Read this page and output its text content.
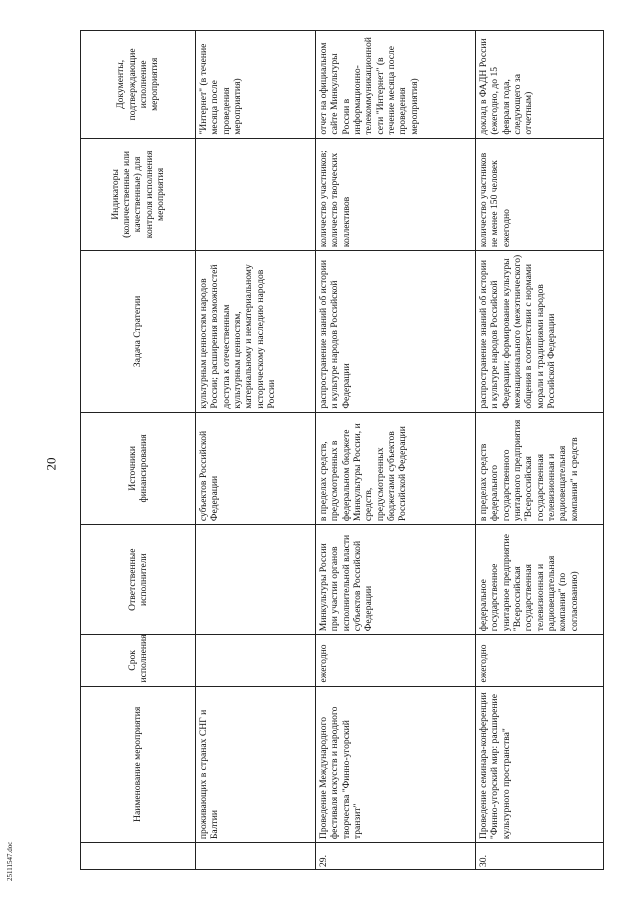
20
	Наименование мероприятия	Срок исполнения	Ответственные исполнители	Источники финансирования	Задача Стратегии	Индикаторы (количественные или качественные) для контроля исполнения мероприятия	Документы, подтверждающие исполнение мероприятия
	проживающих в странах СНГ и Балтии			субъектов Российской Федерации	культурным ценностям народов России; расширения возможностей доступа к отечественным культурным ценностям, материальному и нематериальному историческому наследию народов России		"Интернет" (в течение месяца после проведения мероприятия)
29.	Проведение Международного фестиваля искусств и народного творчества "Финно-угорский транзит"	ежегодно	Минкультуры России при участии органов исполнительной власти субъектов Российской Федерации	в пределах средств, предусмотренных в федеральном бюджете Минкультуры России, и средств, предусмотренных бюджетами субъектов Российской Федерации	распространение знаний об истории и культуре народов Российской Федерации	количество участников; количество творческих коллективов	отчет на официальном сайте Минкультуры России в информационно-телекоммуникационной сети "Интернет" (в течение месяца после проведения мероприятия)
30.	Проведение семинара-конференции "Финно-угорский мир: расширение культурного пространства"	ежегодно	федеральное государственное унитарное предприятие "Всероссийская государственная телевизионная и радиовещательная компания" (по согласованию)	в пределах средств федерального государственного унитарного предприятия "Всероссийская государственная телевизионная и радиовещательная компания" и средств	распространение знаний об истории и культуре народов Российской Федерации; формирование культуры межнационального (межэтнического) общения в соответствии с нормами морали и традициями народов Российской Федерации	количество участников не менее 150 человек ежегодно	доклад в ФАДН России (ежегодно, до 15 февраля года, следующего за отчетным)
25111547.doc
